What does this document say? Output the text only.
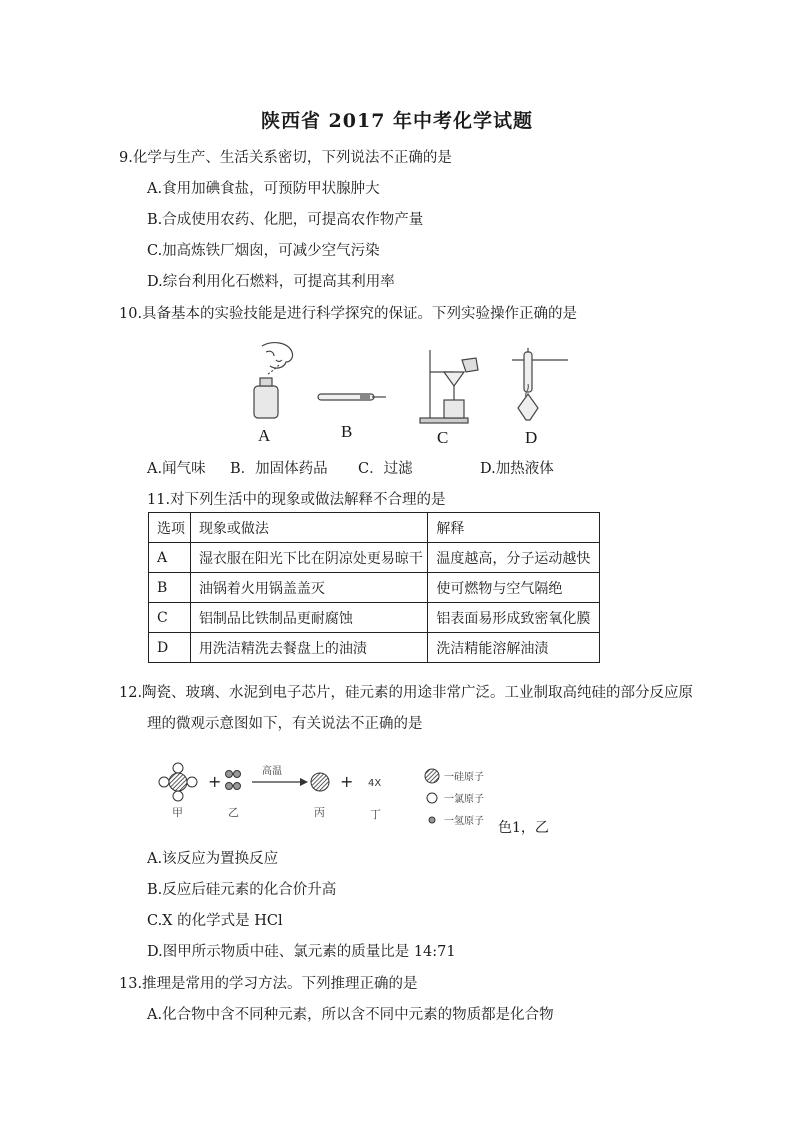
陕西省 2017 年中考化学试题
9.化学与生产、生活关系密切，下列说法不正确的是
A.食用加碘食盐，可预防甲状腺肿大
B.合成使用农药、化肥，可提高农作物产量
C.加高炼铁厂烟囱，可减少空气污染
D.综台利用化石燃料，可提高其利用率
10.具备基本的实验技能是进行科学探究的保证。下列实验操作正确的是
A	B	C	D
A.闻气味 B．加固体药品 C．过滤	D.加热液体
11.对下列生活中的现象或做法解释不合理的是
选项	现象或做法	解释
A	湿衣服在阳光下比在阴凉处更易晾干	温度越高，分子运动越快
B	油锅着火用锅盖盖灭	使可燃物与空气隔绝
C	铝制品比铁制品更耐腐蚀	铝表面易形成致密氧化膜
D	用洗洁精洗去餐盘上的油渍	洗洁精能溶解油渍
12.陶瓷、玻璃、水泥到电子芯片，硅元素的用途非常广泛。工业制取高纯硅的部分反应原
理的微观示意图如下，有关说法不正确的是
+
高温
+ 4X
甲	乙	丙	丁
一硅原子
一氯原子
一氢原子 色1，乙
A.该反应为置换反应
B.反应后硅元素的化合价升高
C.X 的化学式是 HCl
D.图甲所示物质中硅、氯元素的质量比是 14:71
13.推理是常用的学习方法。下列推理正确的是
A.化合物中含不同种元素，所以含不同中元素的物质都是化合物
